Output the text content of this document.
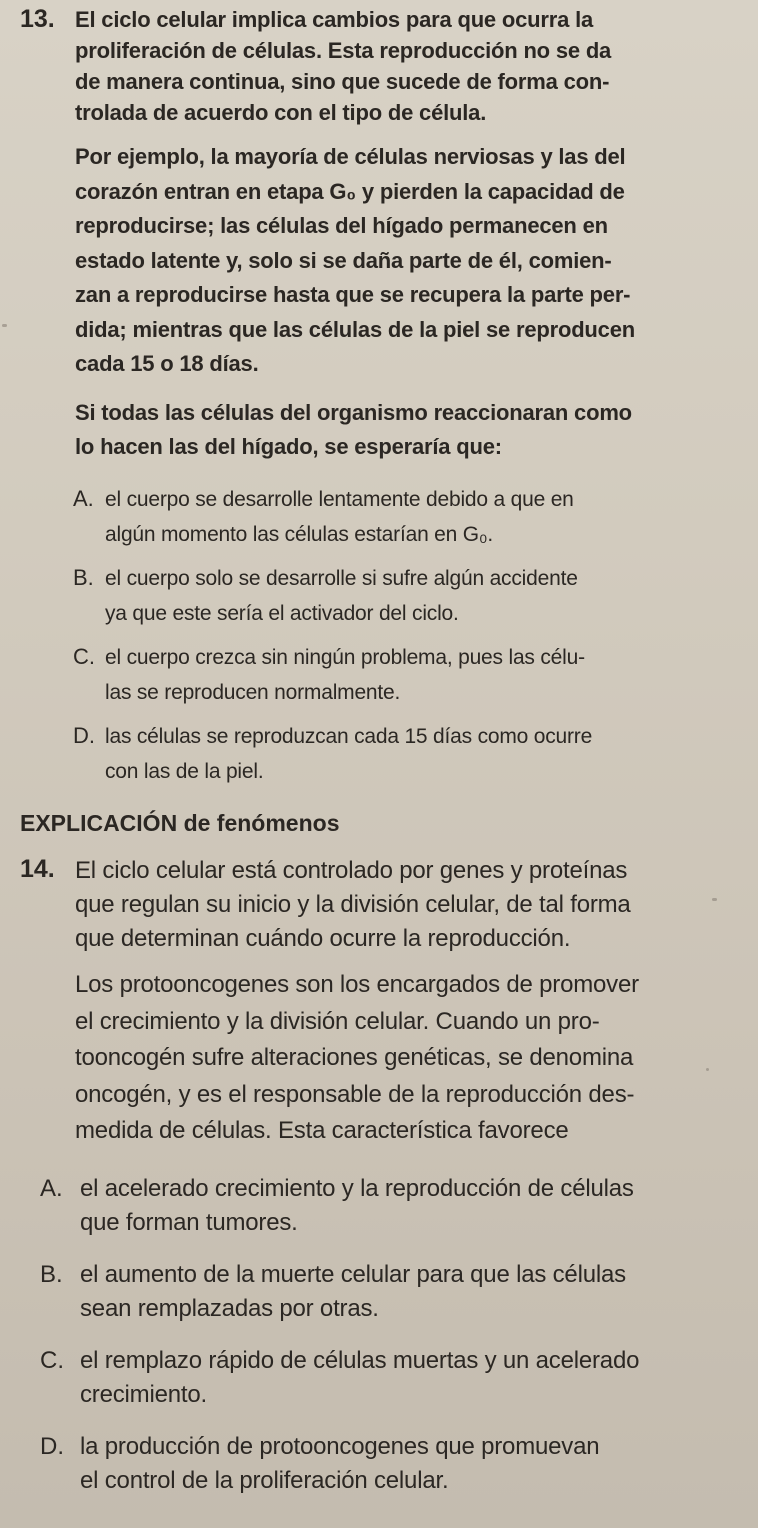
13. El ciclo celular implica cambios para que ocurra la
proliferación de células. Esta reproducción no se da
de manera continua, sino que sucede de forma con-
trolada de acuerdo con el tipo de célula.
Por ejemplo, la mayoría de células nerviosas y las del
corazón entran en etapa G₀ y pierden la capacidad de
reproducirse; las células del hígado permanecen en
estado latente y, solo si se daña parte de él, comien-
zan a reproducirse hasta que se recupera la parte per-
dida; mientras que las células de la piel se reproducen
cada 15 o 18 días.
Si todas las células del organismo reaccionaran como
lo hacen las del hígado, se esperaría que:
A. el cuerpo se desarrolle lentamente debido a que en
algún momento las células estarían en G₀.
B. el cuerpo solo se desarrolle si sufre algún accidente
ya que este sería el activador del ciclo.
C. el cuerpo crezca sin ningún problema, pues las célu-
las se reproducen normalmente.
D. las células se reproduzcan cada 15 días como ocurre
con las de la piel.
EXPLICACIÓN de fenómenos
14. El ciclo celular está controlado por genes y proteínas
que regulan su inicio y la división celular, de tal forma
que determinan cuándo ocurre la reproducción.
Los protooncogenes son los encargados de promover
el crecimiento y la división celular. Cuando un pro-
tooncogén sufre alteraciones genéticas, se denomina
oncogén, y es el responsable de la reproducción des-
medida de células. Esta característica favorece
A. el acelerado crecimiento y la reproducción de células
que forman tumores.
B. el aumento de la muerte celular para que las células
sean remplazadas por otras.
C. el remplazo rápido de células muertas y un acelerado
crecimiento.
D. la producción de protooncogenes que promuevan
el control de la proliferación celular.
